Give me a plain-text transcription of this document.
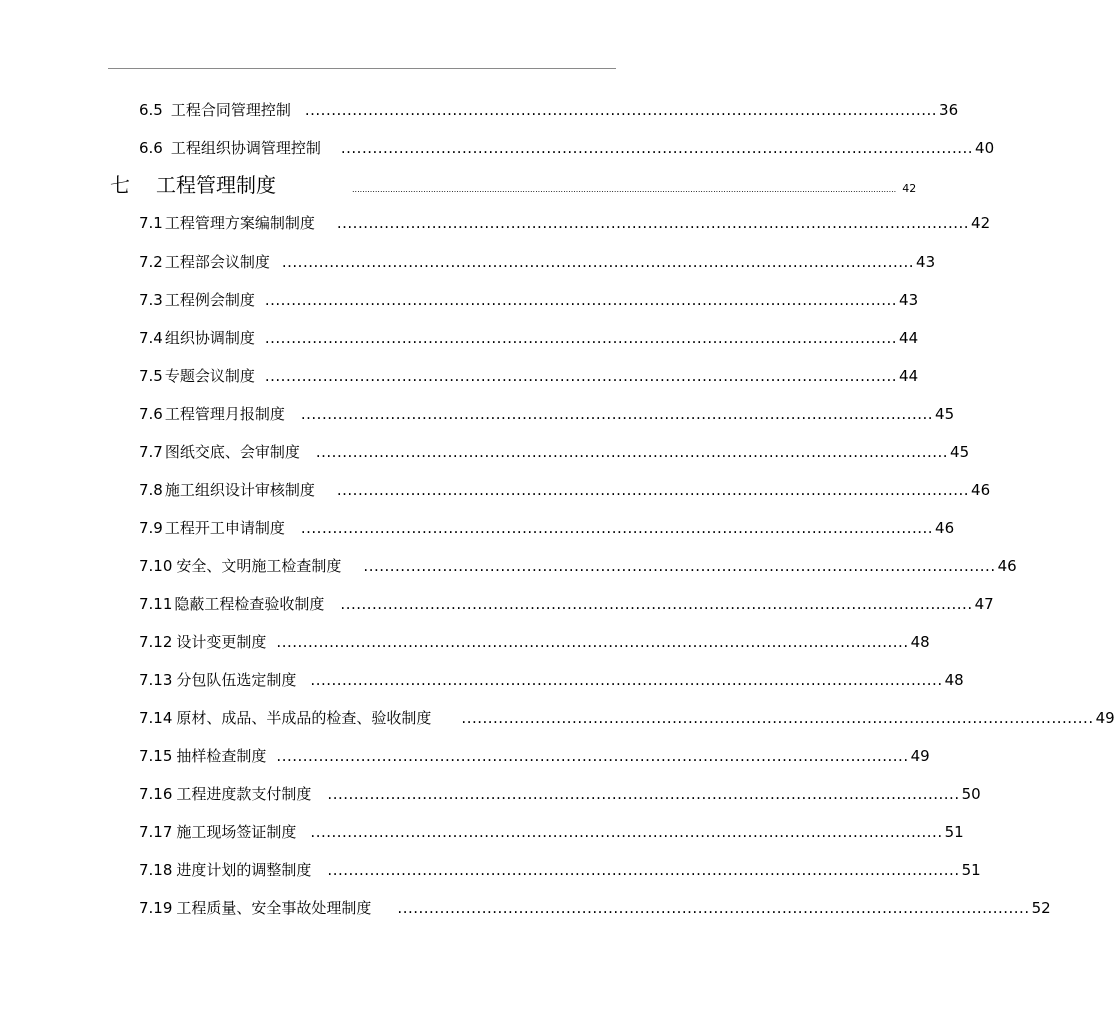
6.5 工程合同管理控制 ........................................................................................................................ 36
6.6 工程组织协调管理控制 ........................................................................................................................ 40
七 工程管理制度	...................................................................................................................................................................................................................... 42
7.1 工程管理方案编制制度 ........................................................................................................................ 42
7.2 工程部会议制度 ........................................................................................................................ 43
7.3 工程例会制度 ........................................................................................................................ 43
7.4 组织协调制度 ........................................................................................................................ 44
7.5 专题会议制度 ........................................................................................................................ 44
7.6 工程管理月报制度 ........................................................................................................................ 45
7.7 图纸交底、会审制度 ........................................................................................................................ 45
7.8 施工组织设计审核制度 ........................................................................................................................ 46
7.9 工程开工申请制度 ........................................................................................................................ 46
7.10 安全、文明施工检查制度 ........................................................................................................................ 46
7.11 隐蔽工程检查验收制度 ........................................................................................................................ 47
7.12 设计变更制度 ........................................................................................................................ 48
7.13 分包队伍选定制度 ........................................................................................................................ 48
7.14 原材、成品、半成品的检查、验收制度 ........................................................................................................................ 49
7.15 抽样检查制度 ........................................................................................................................ 49
7.16 工程进度款支付制度 ........................................................................................................................ 50
7.17 施工现场签证制度 ........................................................................................................................ 51
7.18 进度计划的调整制度 ........................................................................................................................ 51
7.19 工程质量、安全事故处理制度 ........................................................................................................................ 52
